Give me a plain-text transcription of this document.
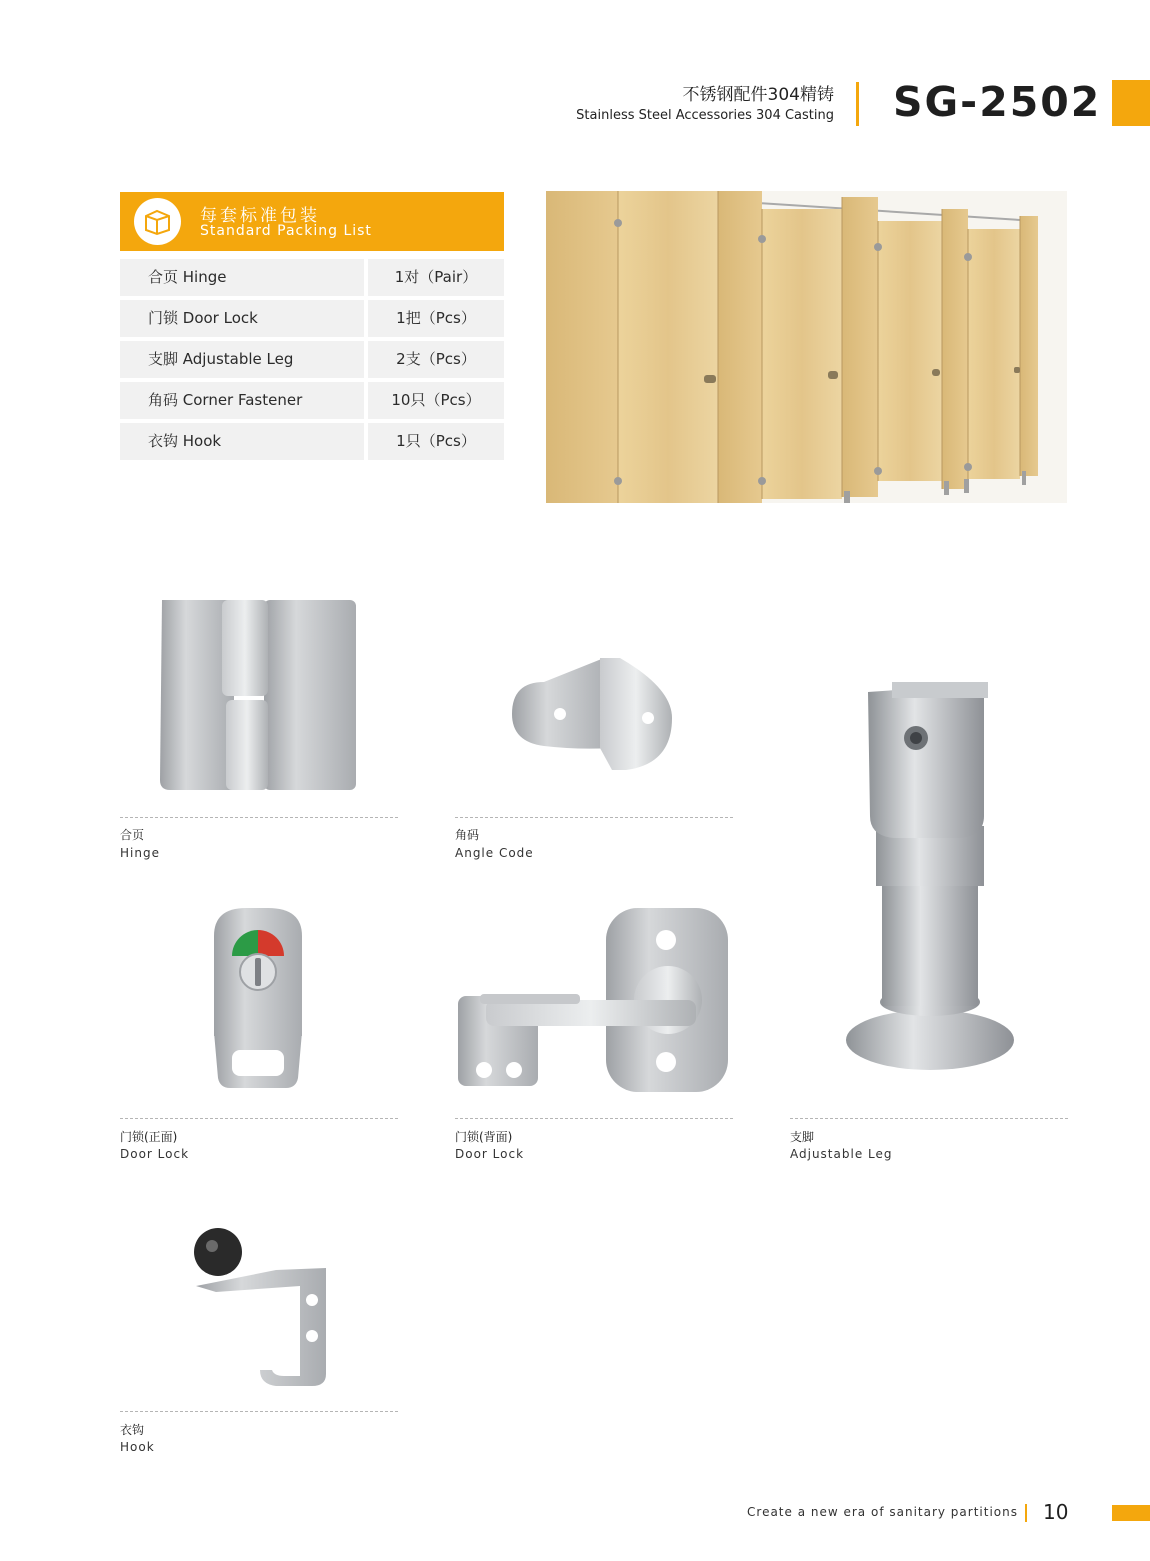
不锈钢配件304精铸
Stainless Steel Accessories 304 Casting SG-2502
每套标准包装
Standard Packing List
合页 Hinge	1对（Pair）
门锁 Door Lock	1把（Pcs）
支脚 Adjustable Leg	2支（Pcs）
角码 Corner Fastener	10只（Pcs）
衣钩 Hook	1只（Pcs）
合页
Hinge
角码
Angle Code
门锁(正面)
Door Lock
门锁(背面)
Door Lock
支脚
Adjustable Leg
衣钩
Hook
Create a new era of sanitary partitions 10
